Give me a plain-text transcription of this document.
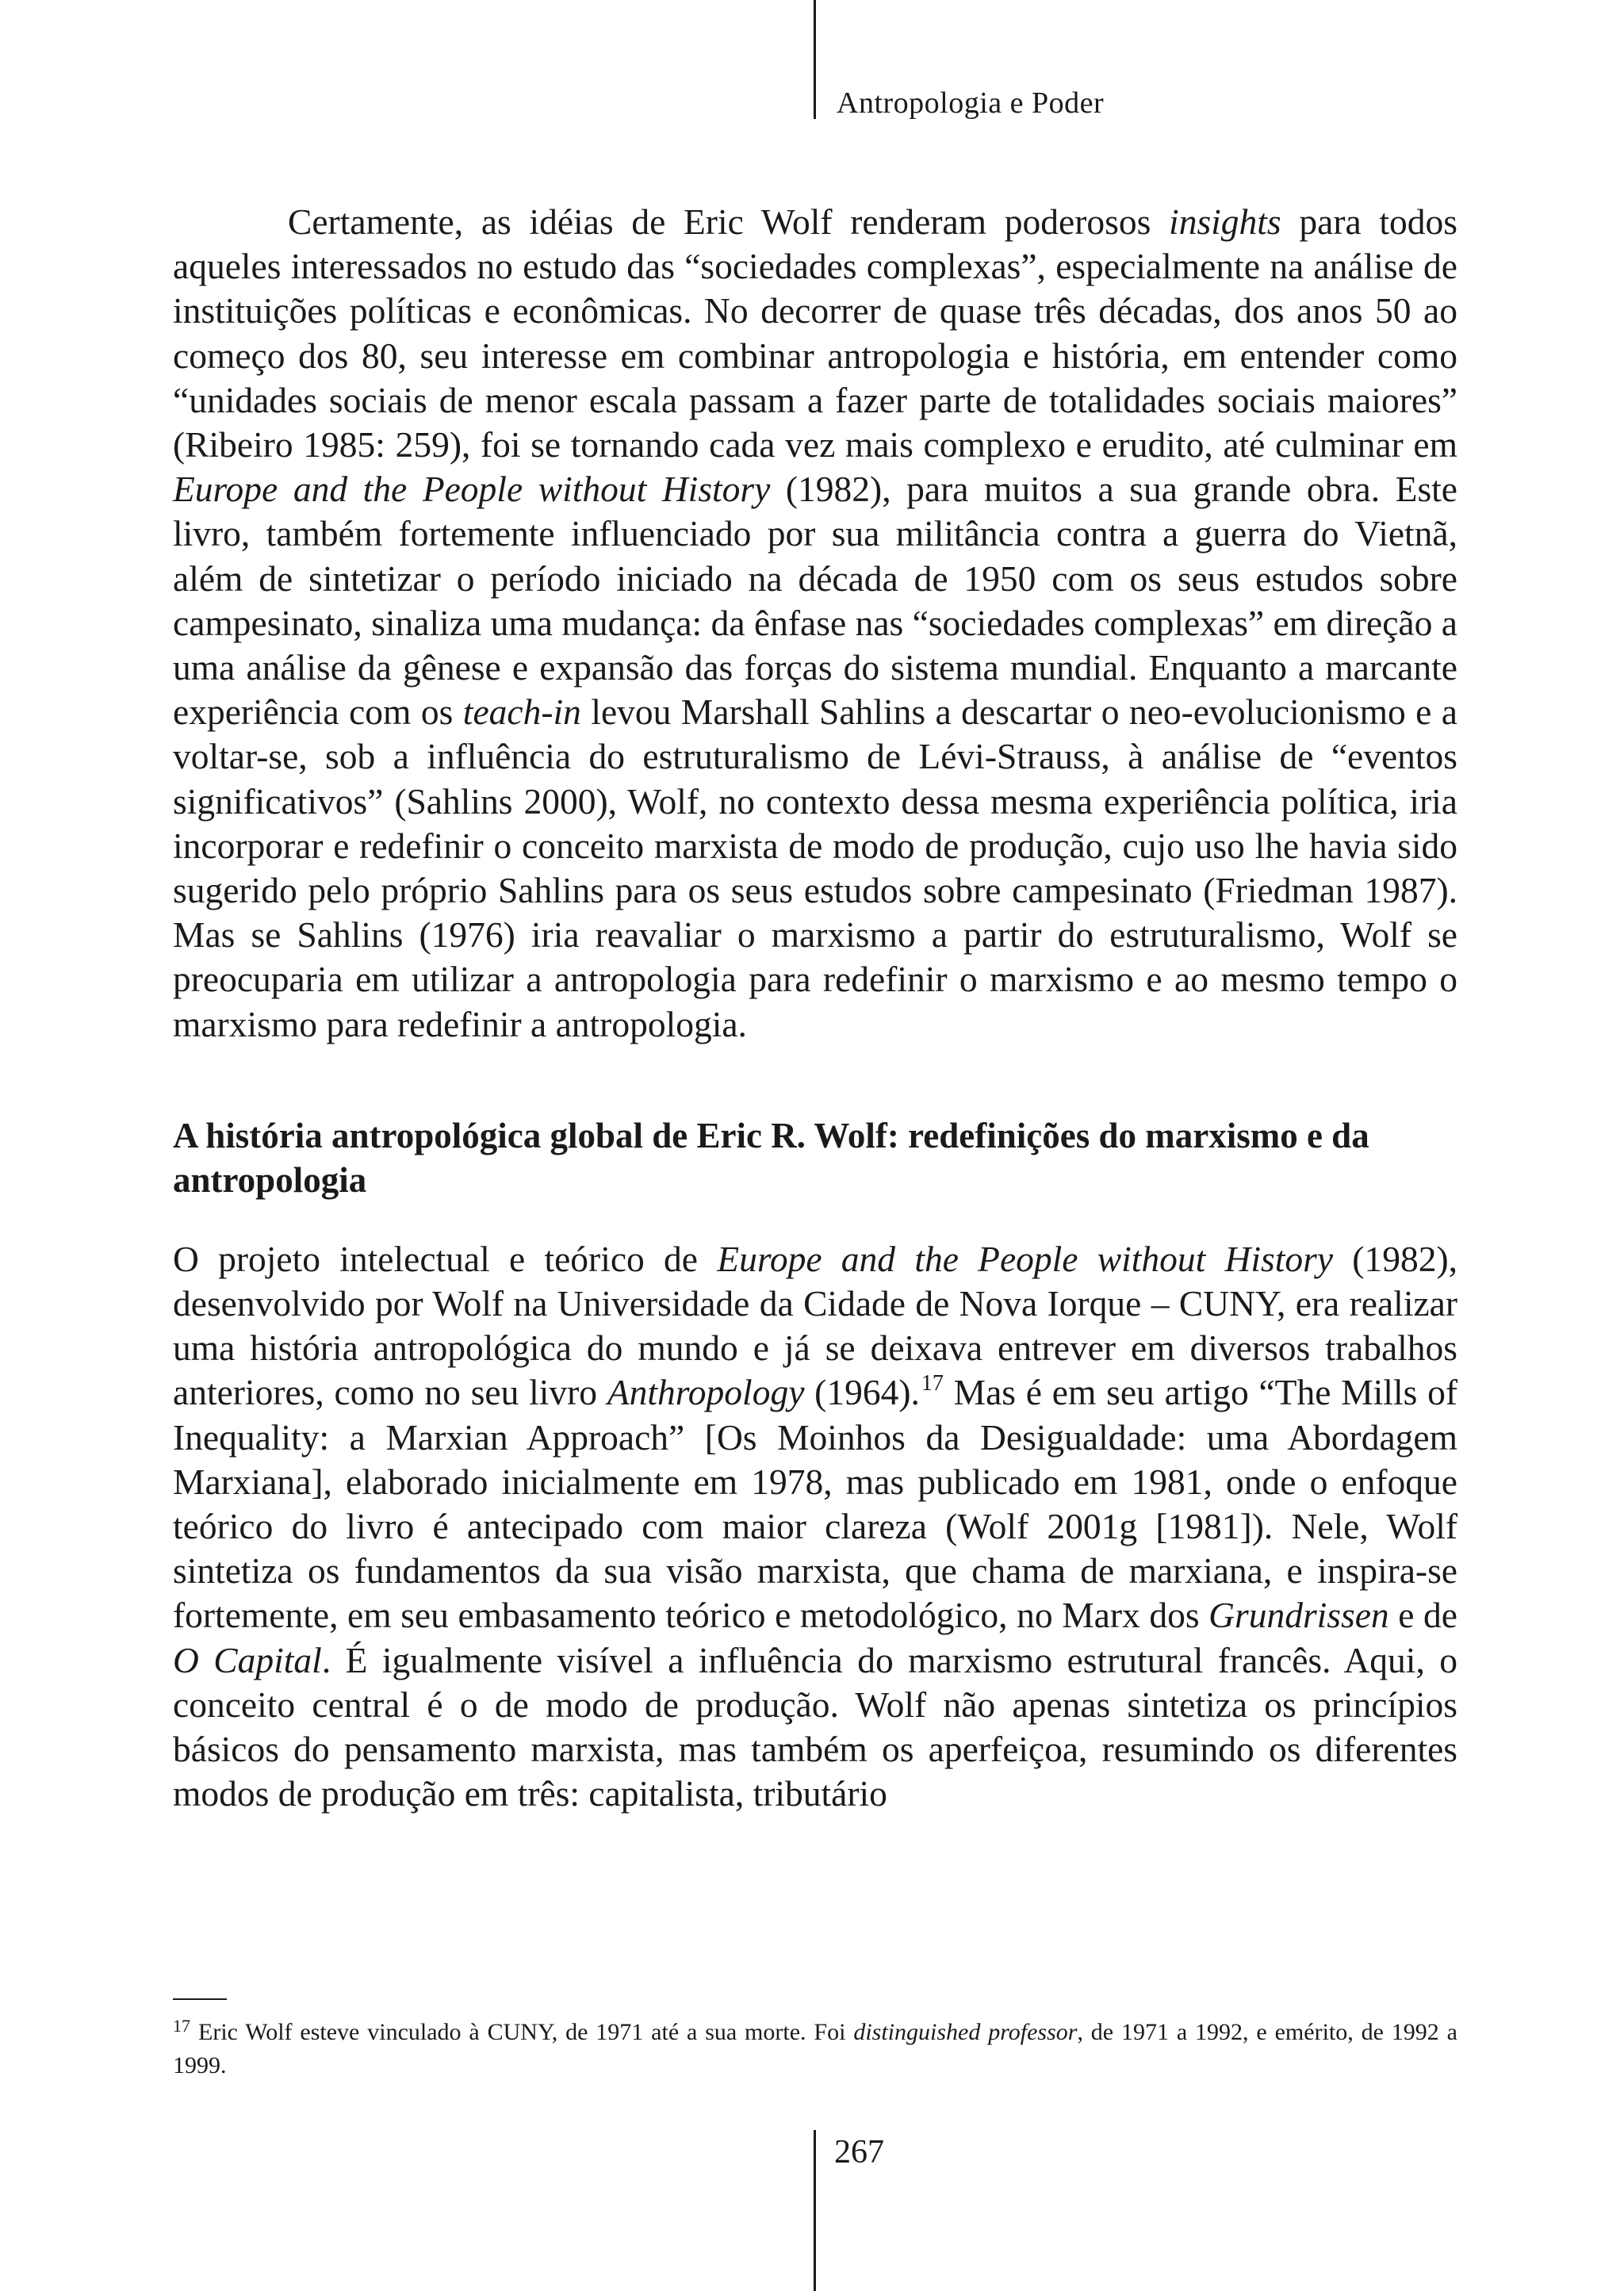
Antropologia e Poder

Certamente, as idéias de Eric Wolf renderam poderosos insights para todos aqueles interessados no estudo das “sociedades complexas”, especialmente na análise de instituições políticas e econômicas. No decorrer de quase três décadas, dos anos 50 ao começo dos 80, seu interesse em combinar antropologia e história, em entender como “unidades sociais de menor escala passam a fazer parte de totalidades sociais maiores” (Ribeiro 1985: 259), foi se tornando cada vez mais complexo e erudito, até culminar em Europe and the People without History (1982), para muitos a sua grande obra. Este livro, também fortemente influenciado por sua militância contra a guerra do Vietnã, além de sintetizar o período iniciado na década de 1950 com os seus estudos sobre campesinato, sinaliza uma mudança: da ênfase nas “sociedades complexas” em direção a uma análise da gênese e expansão das forças do sistema mundial. Enquanto a marcante experiência com os teach-in levou Marshall Sahlins a descartar o neo-evolucionismo e a voltar-se, sob a influência do estruturalismo de Lévi-Strauss, à análise de “eventos significativos” (Sahlins 2000), Wolf, no contexto dessa mesma experiência política, iria incorporar e redefinir o conceito marxista de modo de produção, cujo uso lhe havia sido sugerido pelo próprio Sahlins para os seus estudos sobre campesinato (Friedman 1987). Mas se Sahlins (1976) iria reavaliar o marxismo a partir do estruturalismo, Wolf se preocuparia em utilizar a antropologia para redefinir o marxismo e ao mesmo tempo o marxismo para redefinir a antropologia.

A história antropológica global de Eric R. Wolf: redefinições do marxismo e da antropologia

O projeto intelectual e teórico de Europe and the People without History (1982), desenvolvido por Wolf na Universidade da Cidade de Nova Iorque – CUNY, era realizar uma história antropológica do mundo e já se deixava entrever em diversos trabalhos anteriores, como no seu livro Anthropology (1964).$^{17}$ Mas é em seu artigo “The Mills of Inequality: a Marxian Approach” [Os Moinhos da Desigualdade: uma Abordagem Marxiana], elaborado inicialmente em 1978, mas publicado em 1981, onde o enfoque teórico do livro é antecipado com maior clareza (Wolf 2001g [1981]). Nele, Wolf sintetiza os fundamentos da sua visão marxista, que chama de marxiana, e inspira-se fortemente, em seu embasamento teórico e metodológico, no Marx dos Grundrissen e de O Capital. É igualmente visível a influência do marxismo estrutural francês. Aqui, o conceito central é o de modo de produção. Wolf não apenas sintetiza os princípios básicos do pensamento marxista, mas também os aperfeiçoa, resumindo os diferentes modos de produção em três: capitalista, tributário

$^{17}$ Eric Wolf esteve vinculado à CUNY, de 1971 até a sua morte. Foi distinguished professor, de 1971 a 1992, e emérito, de 1992 a 1999.
267
